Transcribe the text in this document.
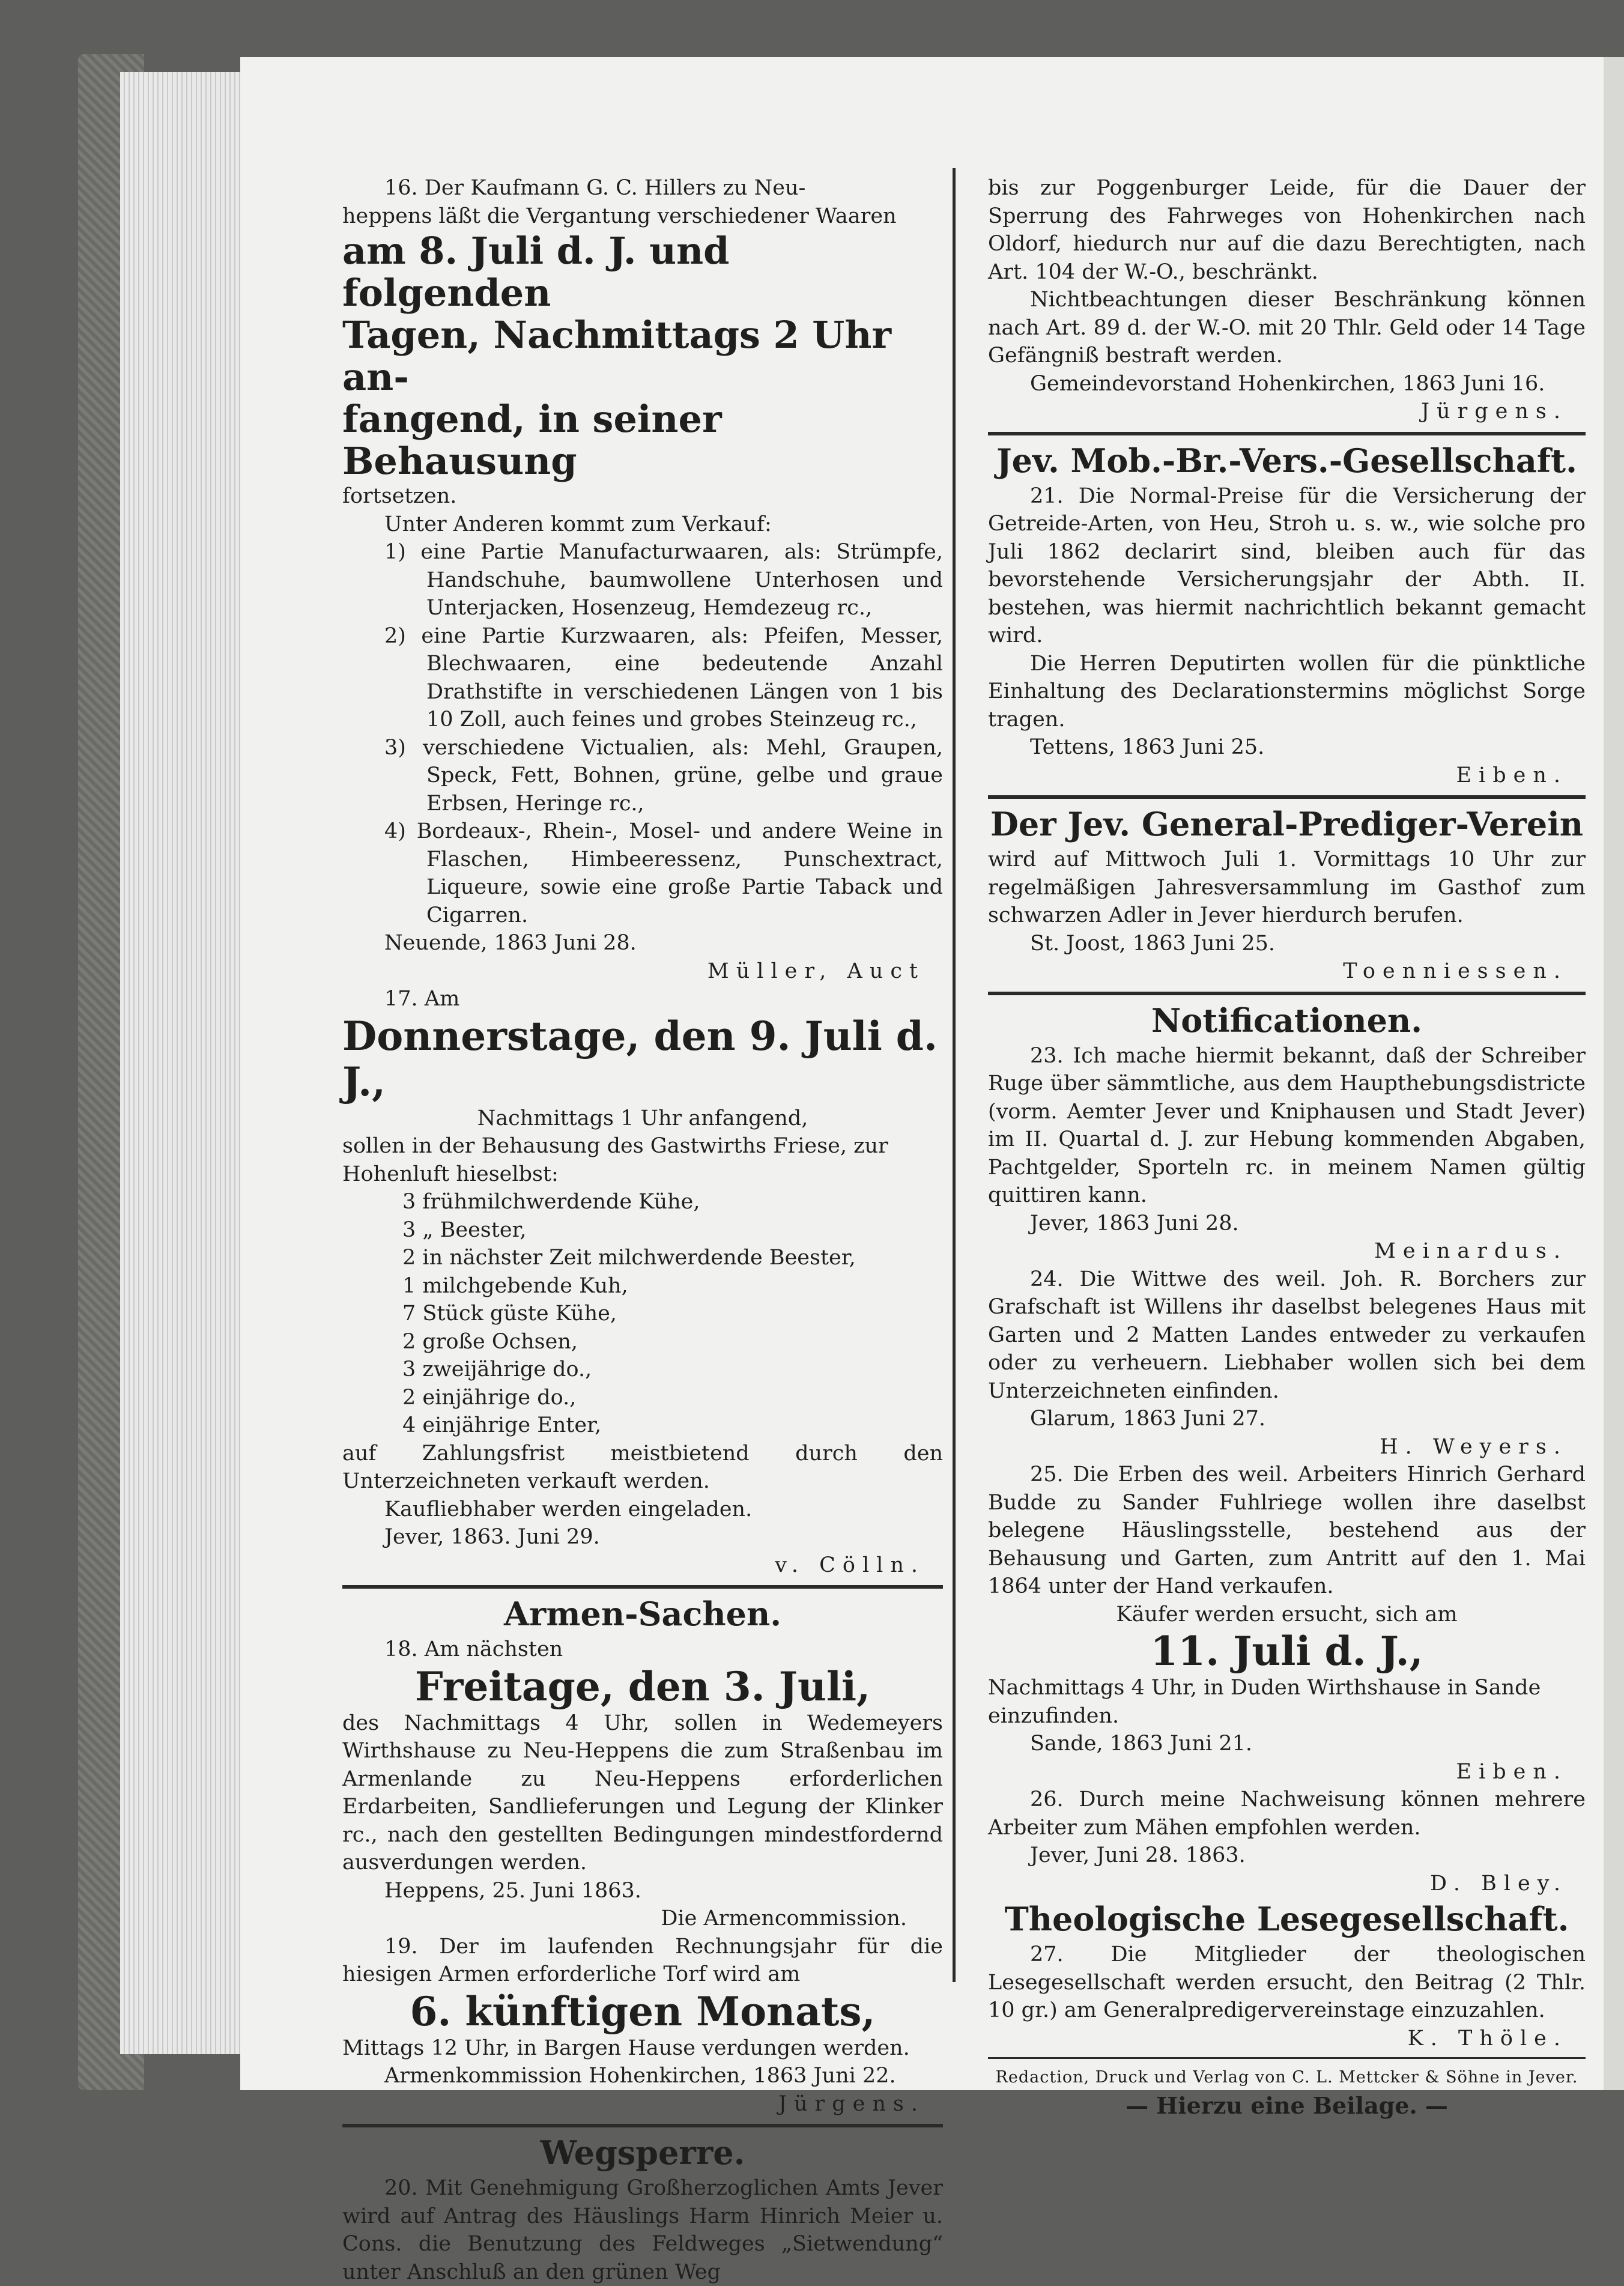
16. Der Kaufmann G. C. Hillers zu Neu-

heppens läßt die Vergantung verschiedener Waaren

am 8. Juli d. J. und folgenden

Tagen, Nachmittags 2 Uhr an-

fangend, in seiner Behausung

fortsetzen.

Unter Anderen kommt zum Verkauf:

1) eine Partie Manufacturwaaren, als: Strümpfe, Handschuhe, baumwollene Unterhosen und Unterjacken, Hosenzeug, Hemdezeug rc.,

2) eine Partie Kurzwaaren, als: Pfeifen, Messer, Blechwaaren, eine bedeutende Anzahl Drathstifte in verschiedenen Längen von 1 bis 10 Zoll, auch feines und grobes Steinzeug rc.,

3) verschiedene Victualien, als: Mehl, Graupen, Speck, Fett, Bohnen, grüne, gelbe und graue Erbsen, Heringe rc.,

4) Bordeaux-, Rhein-, Mosel- und andere Weine in Flaschen, Himbeeressenz, Punschextract, Liqueure, sowie eine große Partie Taback und Cigarren.

Neuende, 1863 Juni 28.

Müller, Auct

17. Am

Donnerstage, den 9. Juli d. J.,

Nachmittags 1 Uhr anfangend,

sollen in der Behausung des Gastwirths Friese, zur Hohenluft hieselbst:

3 frühmilchwerdende Kühe,

3 „ Beester,

2 in nächster Zeit milchwerdende Beester,

1 milchgebende Kuh,

7 Stück güste Kühe,

2 große Ochsen,

3 zweijährige do.,

2 einjährige do.,

4 einjährige Enter,

auf Zahlungsfrist meistbietend durch den Unterzeichneten verkauft werden.

Kaufliebhaber werden eingeladen.

Jever, 1863. Juni 29.

v. Cölln.

Armen-Sachen.

18. Am nächsten

Freitage, den 3. Juli,

des Nachmittags 4 Uhr, sollen in Wedemeyers Wirthshause zu Neu-Heppens die zum Straßenbau im Armenlande zu Neu-Heppens erforderlichen Erdarbeiten, Sandlieferungen und Legung der Klinker rc., nach den gestellten Bedingungen mindestfordernd ausverdungen werden.

Heppens, 25. Juni 1863.

Die Armencommission.

19. Der im laufenden Rechnungsjahr für die hiesigen Armen erforderliche Torf wird am

6. künftigen Monats,

Mittags 12 Uhr, in Bargen Hause verdungen werden.

Armenkommission Hohenkirchen, 1863 Juni 22.

Jürgens.

Wegsperre.

20. Mit Genehmigung Großherzoglichen Amts Jever wird auf Antrag des Häuslings Harm Hinrich Meier u. Cons. die Benutzung des Feldweges „Sietwendung“ unter Anschluß an den grünen Weg

bis zur Poggenburger Leide, für die Dauer der Sperrung des Fahrweges von Hohenkirchen nach Oldorf, hiedurch nur auf die dazu Berechtigten, nach Art. 104 der W.-O., beschränkt.

Nichtbeachtungen dieser Beschränkung können nach Art. 89 d. der W.-O. mit 20 Thlr. Geld oder 14 Tage Gefängniß bestraft werden.

Gemeindevorstand Hohenkirchen, 1863 Juni 16.

Jürgens.

Jev. Mob.-Br.-Vers.-Gesellschaft.

21. Die Normal-Preise für die Versicherung der Getreide-Arten, von Heu, Stroh u. s. w., wie solche pro Juli 1862 declarirt sind, bleiben auch für das bevorstehende Versicherungsjahr der Abth. II. bestehen, was hiermit nachrichtlich bekannt gemacht wird.

Die Herren Deputirten wollen für die pünktliche Einhaltung des Declarationstermins möglichst Sorge tragen.

Tettens, 1863 Juni 25.

Eiben.

Der Jev. General-Prediger-Verein

wird auf Mittwoch Juli 1. Vormittags 10 Uhr zur regelmäßigen Jahresversammlung im Gasthof zum schwarzen Adler in Jever hierdurch berufen.

St. Joost, 1863 Juni 25.

Toenniessen.

Notificationen.

23. Ich mache hiermit bekannt, daß der Schreiber Ruge über sämmtliche, aus dem Haupthebungsdistricte (vorm. Aemter Jever und Kniphausen und Stadt Jever) im II. Quartal d. J. zur Hebung kommenden Abgaben, Pachtgelder, Sporteln rc. in meinem Namen gültig quittiren kann.

Jever, 1863 Juni 28.

Meinardus.

24. Die Wittwe des weil. Joh. R. Borchers zur Grafschaft ist Willens ihr daselbst belegenes Haus mit Garten und 2 Matten Landes entweder zu verkaufen oder zu verheuern. Liebhaber wollen sich bei dem Unterzeichneten einfinden.

Glarum, 1863 Juni 27.

H. Weyers.

25. Die Erben des weil. Arbeiters Hinrich Gerhard Budde zu Sander Fuhlriege wollen ihre daselbst belegene Häuslingsstelle, bestehend aus der Behausung und Garten, zum Antritt auf den 1. Mai 1864 unter der Hand verkaufen.

Käufer werden ersucht, sich am

11. Juli d. J.,

Nachmittags 4 Uhr, in Duden Wirthshause in Sande einzufinden.

Sande, 1863 Juni 21.

Eiben.

26. Durch meine Nachweisung können mehrere Arbeiter zum Mähen empfohlen werden.

Jever, Juni 28. 1863.

D. Bley.

Theologische Lesegesellschaft.

27. Die Mitglieder der theologischen Lesegesellschaft werden ersucht, den Beitrag (2 Thlr. 10 gr.) am Generalpredigervereinstage einzuzahlen.

K. Thöle.

Redaction, Druck und Verlag von C. L. Mettcker & Söhne in Jever.

— Hierzu eine Beilage. —
